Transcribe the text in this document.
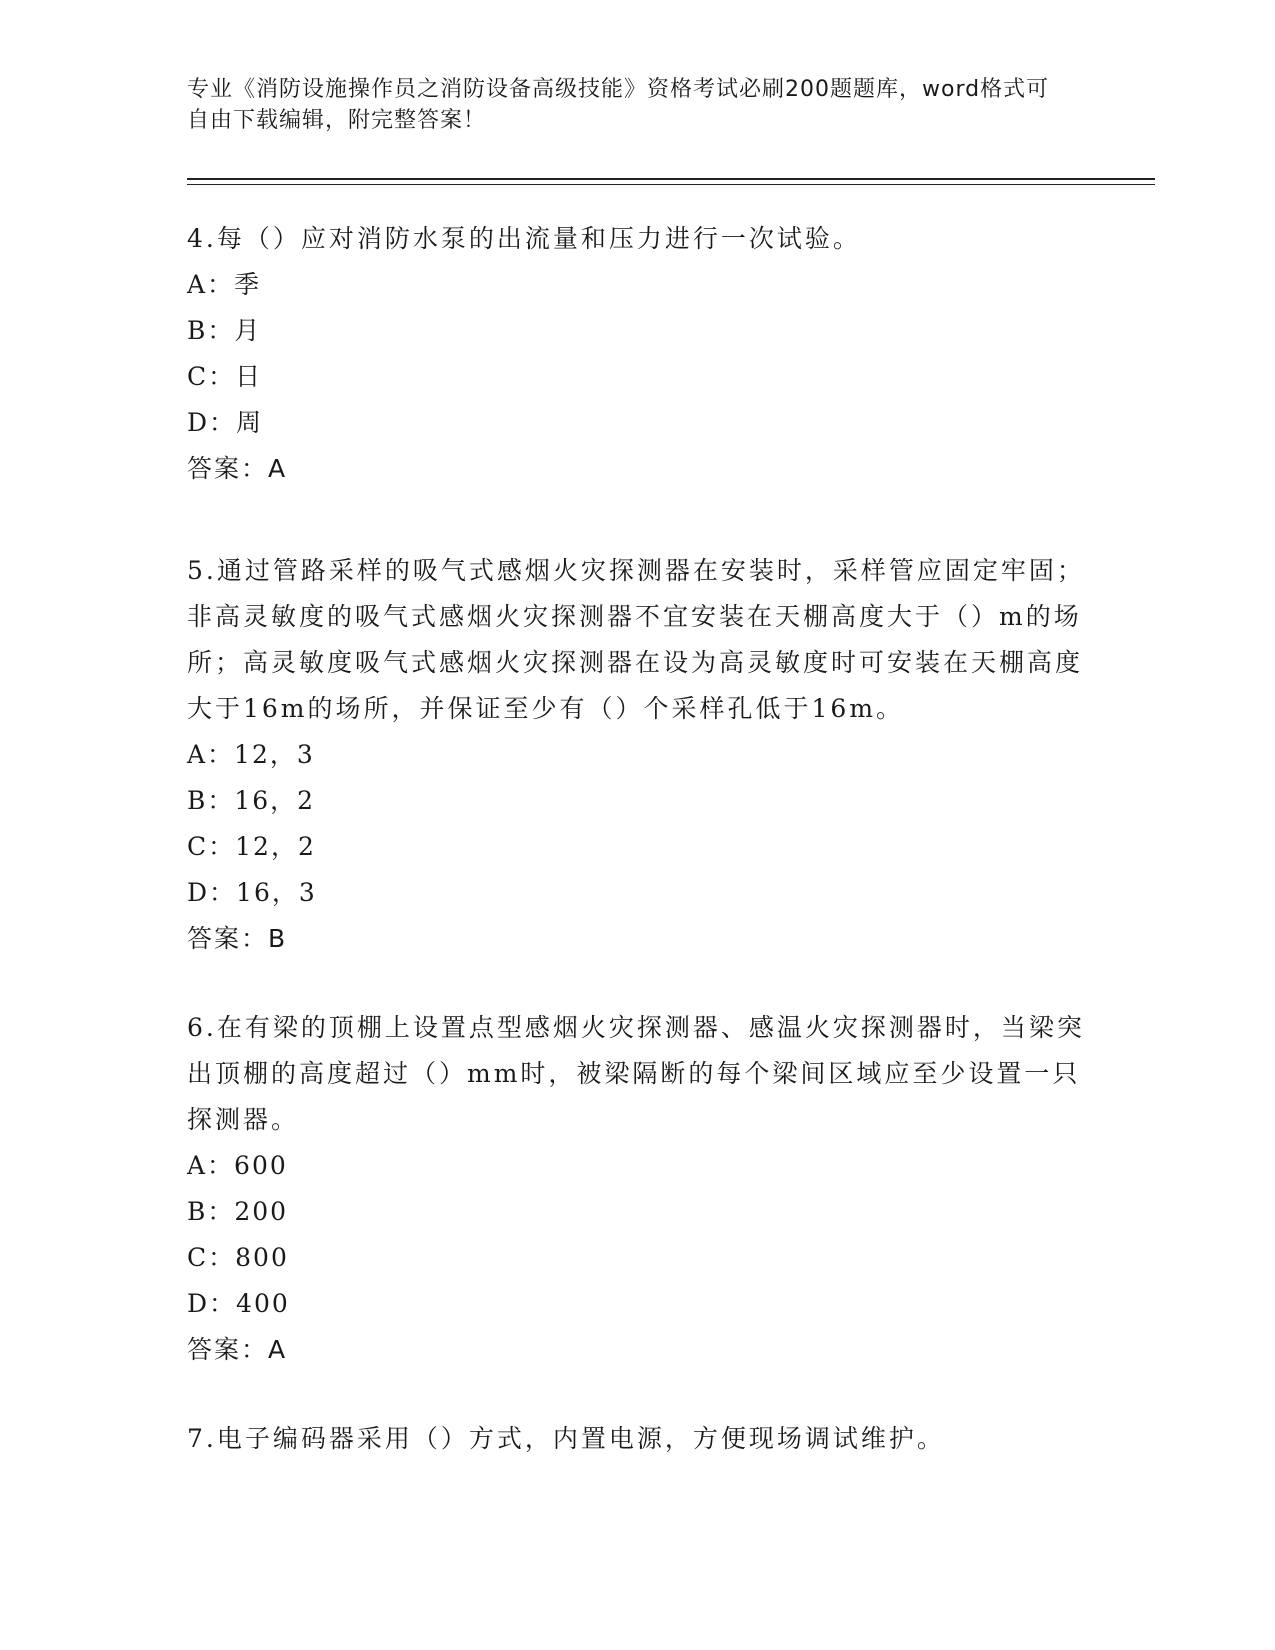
专业《消防设施操作员之消防设备高级技能》资格考试必刷200题题库，word格式可自由下载编辑，附完整答案！

4.每（）应对消防水泵的出流量和压力进行一次试验。

A：季

B：月

C：日

D：周

答案：A

5.通过管路采样的吸气式感烟火灾探测器在安装时，采样管应固定牢固；非高灵敏度的吸气式感烟火灾探测器不宜安装在天棚高度大于（）m的场所；高灵敏度吸气式感烟火灾探测器在设为高灵敏度时可安装在天棚高度大于16m的场所，并保证至少有（）个采样孔低于16m。

A：12，3

B：16，2

C：12，2

D：16，3

答案：B

6.在有梁的顶棚上设置点型感烟火灾探测器、感温火灾探测器时，当梁突出顶棚的高度超过（）mm时，被梁隔断的每个梁间区域应至少设置一只探测器。

A：600

B：200

C：800

D：400

答案：A

7.电子编码器采用（）方式，内置电源，方便现场调试维护。
